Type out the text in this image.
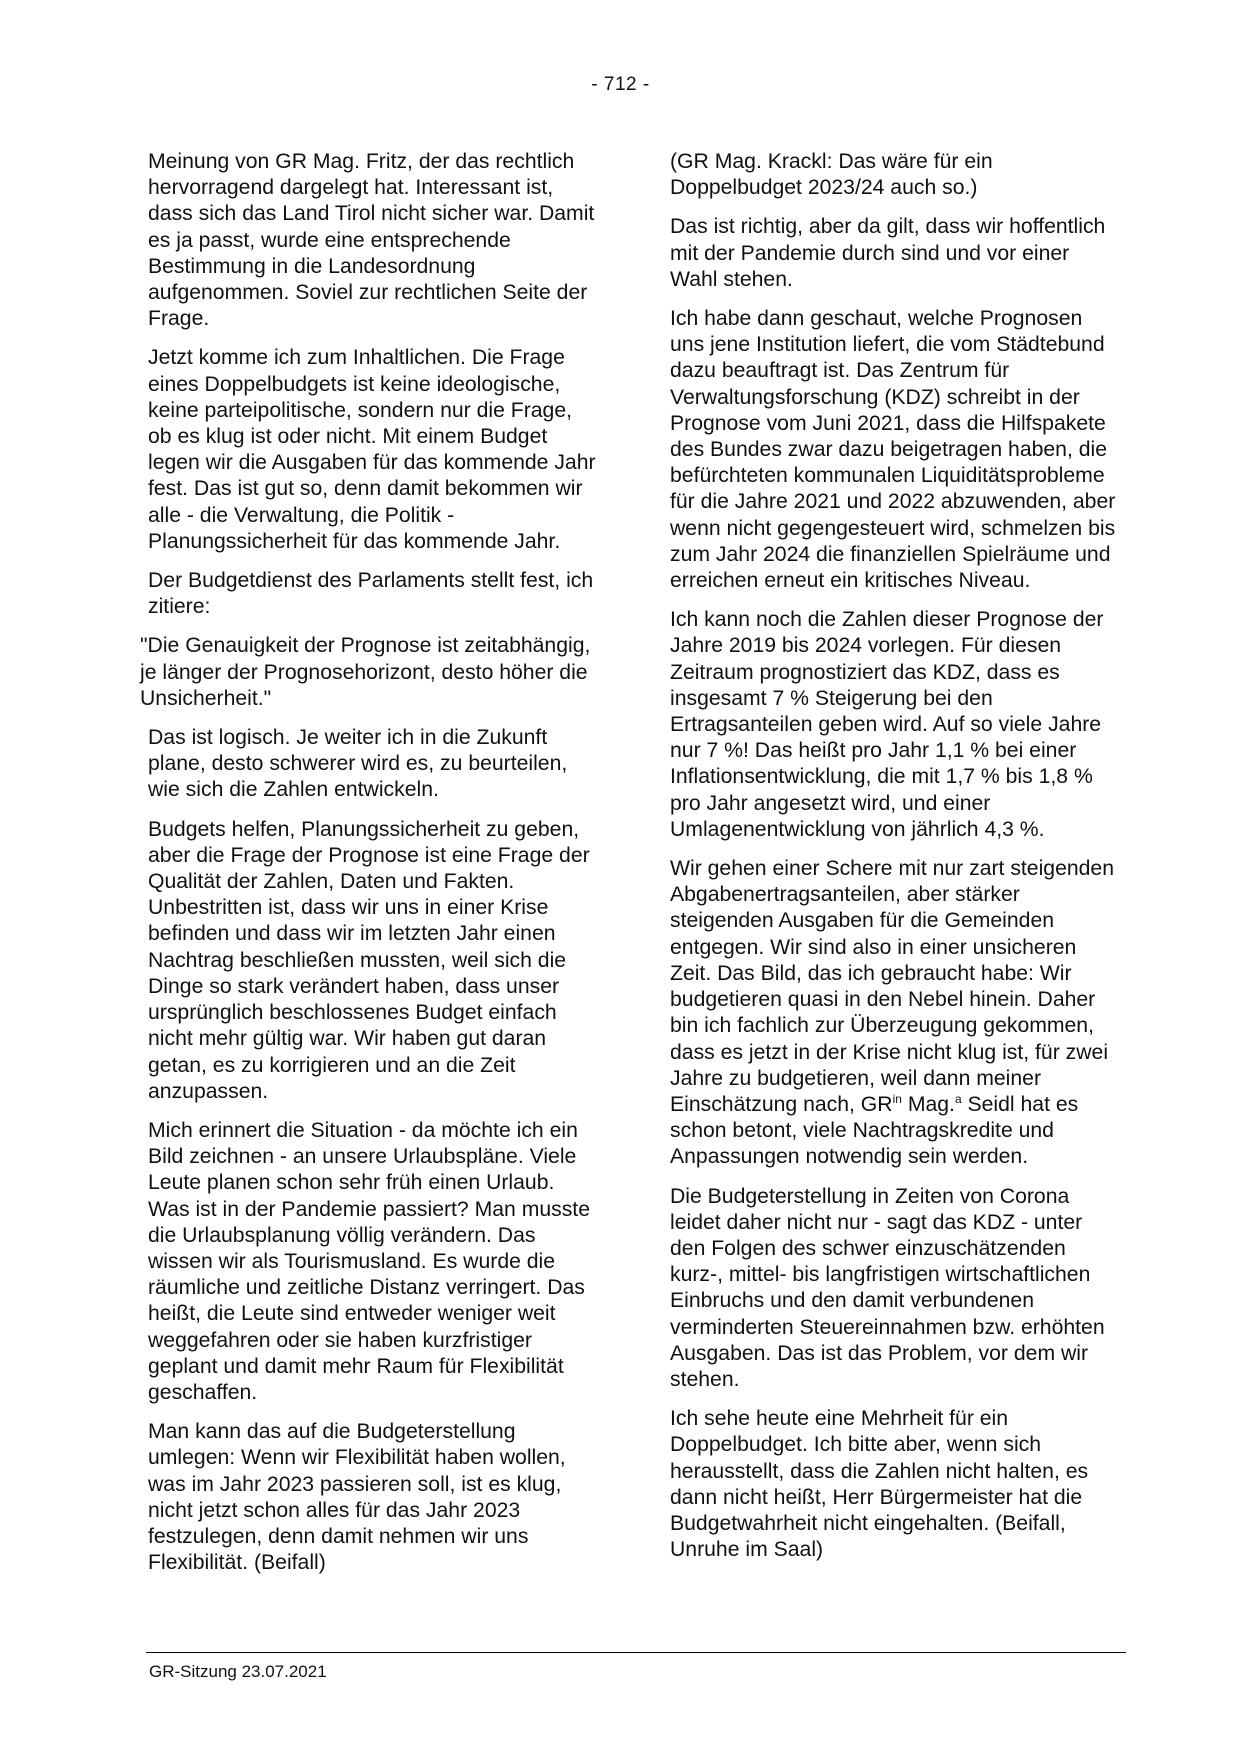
- 712 -

Meinung von GR Mag. Fritz, der das rechtlich hervorragend dargelegt hat. Interessant ist, dass sich das Land Tirol nicht sicher war. Damit es ja passt, wurde eine entsprechende Bestimmung in die Landesordnung aufgenommen. Soviel zur rechtlichen Seite der Frage.

Jetzt komme ich zum Inhaltlichen. Die Frage eines Doppelbudgets ist keine ideologische, keine parteipolitische, sondern nur die Frage, ob es klug ist oder nicht. Mit einem Budget legen wir die Ausgaben für das kommende Jahr fest. Das ist gut so, denn damit bekommen wir alle - die Verwaltung, die Politik - Planungssicherheit für das kommende Jahr.

Der Budgetdienst des Parlaments stellt fest, ich zitiere:

"Die Genauigkeit der Prognose ist zeitabhängig, je länger der Prognosehorizont, desto höher die Unsicherheit."

Das ist logisch. Je weiter ich in die Zukunft plane, desto schwerer wird es, zu beurteilen, wie sich die Zahlen entwickeln.

Budgets helfen, Planungssicherheit zu geben, aber die Frage der Prognose ist eine Frage der Qualität der Zahlen, Daten und Fakten. Unbestritten ist, dass wir uns in einer Krise befinden und dass wir im letzten Jahr einen Nachtrag beschließen mussten, weil sich die Dinge so stark verändert haben, dass unser ursprünglich beschlossenes Budget einfach nicht mehr gültig war. Wir haben gut daran getan, es zu korrigieren und an die Zeit anzupassen.

Mich erinnert die Situation - da möchte ich ein Bild zeichnen - an unsere Urlaubspläne. Viele Leute planen schon sehr früh einen Urlaub. Was ist in der Pandemie passiert? Man musste die Urlaubsplanung völlig verändern. Das wissen wir als Tourismusland. Es wurde die räumliche und zeitliche Distanz verringert. Das heißt, die Leute sind entweder weniger weit weggefahren oder sie haben kurzfristiger geplant und damit mehr Raum für Flexibilität geschaffen.

Man kann das auf die Budgeterstellung umlegen: Wenn wir Flexibilität haben wollen, was im Jahr 2023 passieren soll, ist es klug, nicht jetzt schon alles für das Jahr 2023 festzulegen, denn damit nehmen wir uns Flexibilität. (Beifall)

(GR Mag. Krackl: Das wäre für ein Doppelbudget 2023/24 auch so.)

Das ist richtig, aber da gilt, dass wir hoffentlich mit der Pandemie durch sind und vor einer Wahl stehen.

Ich habe dann geschaut, welche Prognosen uns jene Institution liefert, die vom Städtebund dazu beauftragt ist. Das Zentrum für Verwaltungsforschung (KDZ) schreibt in der Prognose vom Juni 2021, dass die Hilfspakete des Bundes zwar dazu beigetragen haben, die befürchteten kommunalen Liquiditätsprobleme für die Jahre 2021 und 2022 abzuwenden, aber wenn nicht gegengesteuert wird, schmelzen bis zum Jahr 2024 die finanziellen Spielräume und erreichen erneut ein kritisches Niveau.

Ich kann noch die Zahlen dieser Prognose der Jahre 2019 bis 2024 vorlegen. Für diesen Zeitraum prognostiziert das KDZ, dass es insgesamt 7 % Steigerung bei den Ertragsanteilen geben wird. Auf so viele Jahre nur 7 %! Das heißt pro Jahr 1,1 % bei einer Inflationsentwicklung, die mit 1,7 % bis 1,8 % pro Jahr angesetzt wird, und einer Umlagenentwicklung von jährlich 4,3 %.

Wir gehen einer Schere mit nur zart steigenden Abgabenertragsanteilen, aber stärker steigenden Ausgaben für die Gemeinden entgegen. Wir sind also in einer unsicheren Zeit. Das Bild, das ich gebraucht habe: Wir budgetieren quasi in den Nebel hinein. Daher bin ich fachlich zur Überzeugung gekommen, dass es jetzt in der Krise nicht klug ist, für zwei Jahre zu budgetieren, weil dann meiner Einschätzung nach, $GR^{in}$ Mag.$^a$ Seidl hat es schon betont, viele Nachtragskredite und Anpassungen notwendig sein werden.

Die Budgeterstellung in Zeiten von Corona leidet daher nicht nur - sagt das KDZ - unter den Folgen des schwer einzuschätzenden kurz-, mittel- bis langfristigen wirtschaftlichen Einbruchs und den damit verbundenen verminderten Steuereinnahmen bzw. erhöhten Ausgaben. Das ist das Problem, vor dem wir stehen.

Ich sehe heute eine Mehrheit für ein Doppelbudget. Ich bitte aber, wenn sich herausstellt, dass die Zahlen nicht halten, es dann nicht heißt, Herr Bürgermeister hat die Budgetwahrheit nicht eingehalten. (Beifall, Unruhe im Saal)

GR-Sitzung 23.07.2021
